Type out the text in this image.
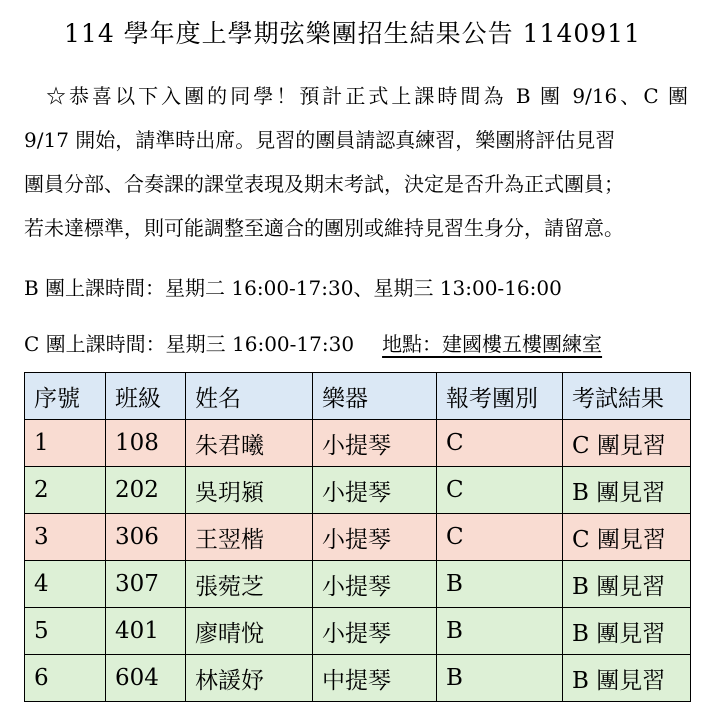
114 學年度上學期弦樂團招生結果公告 1140911

☆恭喜以下入團的同學！預計正式上課時間為 B 團 9/16、C 團
9/17 開始，請準時出席。見習的團員請認真練習，樂團將評估見習
團員分部、合奏課的課堂表現及期末考試，決定是否升為正式團員；
若未達標準，則可能調整至適合的團別或維持見習生身分，請留意。

B 團上課時間：星期二 16:00-17:30、星期三 13:00-16:00
C 團上課時間：星期三 16:00-17:30 地點：建國樓五樓團練室
序號	班級	姓名	樂器	報考團別	考試結果
1	108	朱君曦	小提琴	C	C 團見習
2	202	吳玥潁	小提琴	C	B 團見習
3	306	王翌楷	小提琴	C	C 團見習
4	307	張菀芝	小提琴	B	B 團見習
5	401	廖晴悅	小提琴	B	B 團見習
6	604	林諼妤	中提琴	B	B 團見習
